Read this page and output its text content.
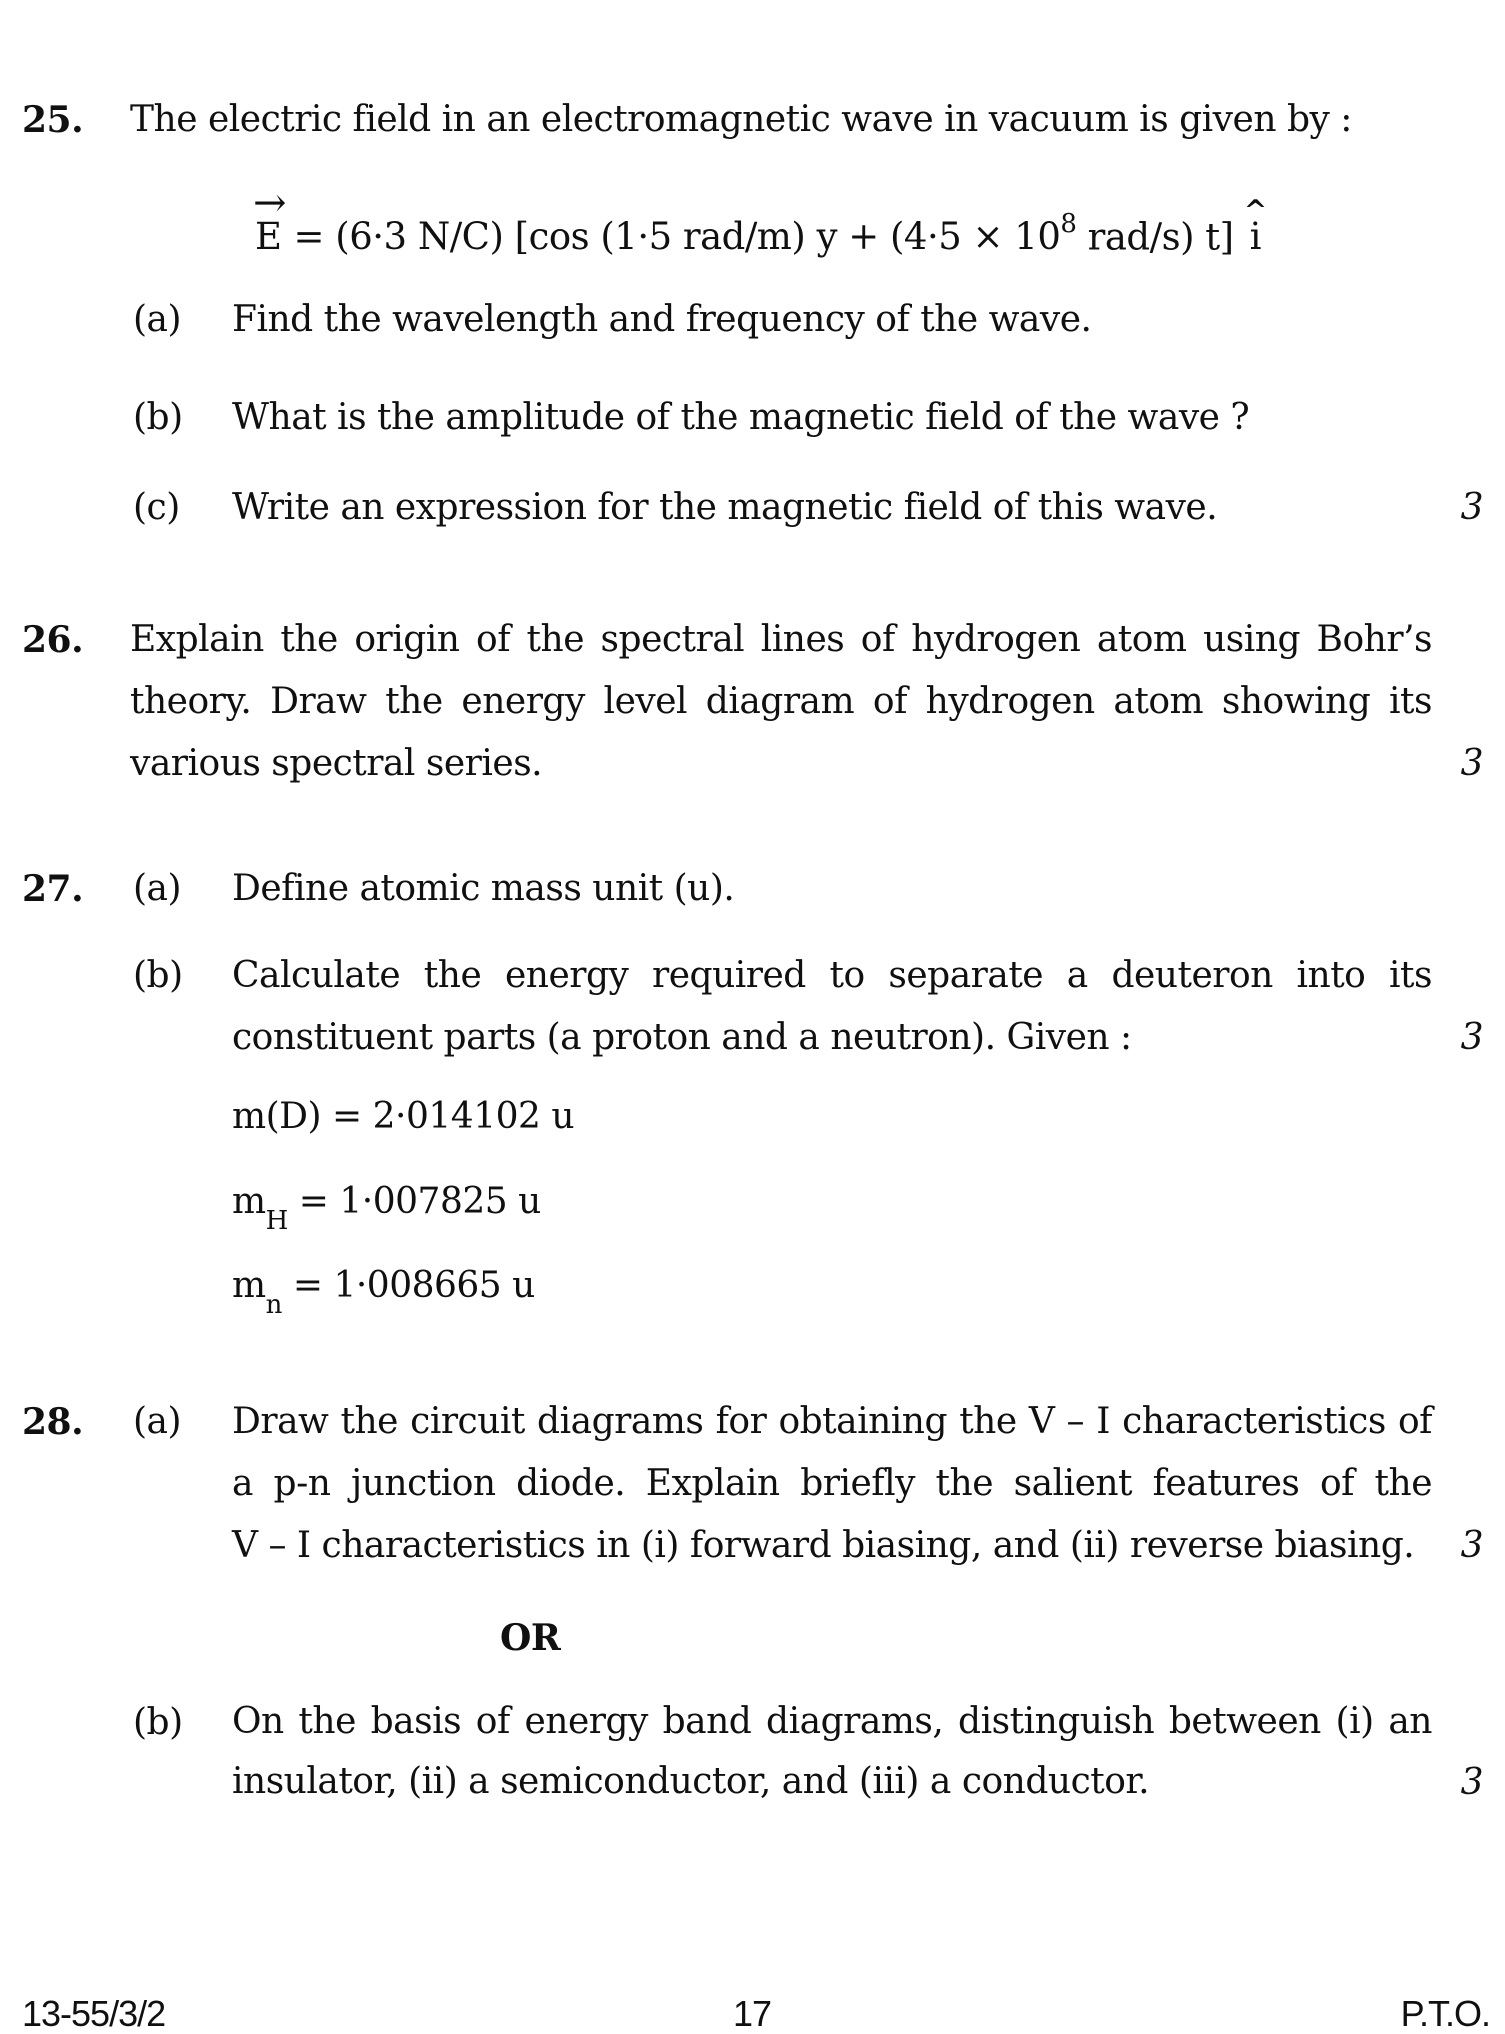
25. The electric field in an electromagnetic wave in vacuum is given by :
→
E = (6·3 N/C) [cos (1·5 rad/m) $y + (4\cdot 5 \times 10^8$ rad/s) t]
^
i
(a) Find the wavelength and frequency of the wave.
(b) What is the amplitude of the magnetic field of the wave ?
(c) Write an expression for the magnetic field of this wave.	3
26. Explain the origin of the spectral lines of hydrogen atom using Bohr’s
theory. Draw the energy level diagram of hydrogen atom showing its
various spectral series.	3
27. (a) Define atomic mass unit (u).
(b) Calculate the energy required to separate a deuteron into its
constituent parts (a proton and a neutron). Given :	3
m(D) = 2·014102 u
$m_H = 1\cdot 007825$ u
$m_n = 1\cdot 008665$ u
28. (a) Draw the circuit diagrams for obtaining the V – I characteristics of
a p-n junction diode. Explain briefly the salient features of the
V – I characteristics in (i) forward biasing, and (ii) reverse biasing.	3
OR
(b) On the basis of energy band diagrams, distinguish between (i) an
insulator, (ii) a semiconductor, and (iii) a conductor.	3
13-55/3/2	17	P.T.O.
